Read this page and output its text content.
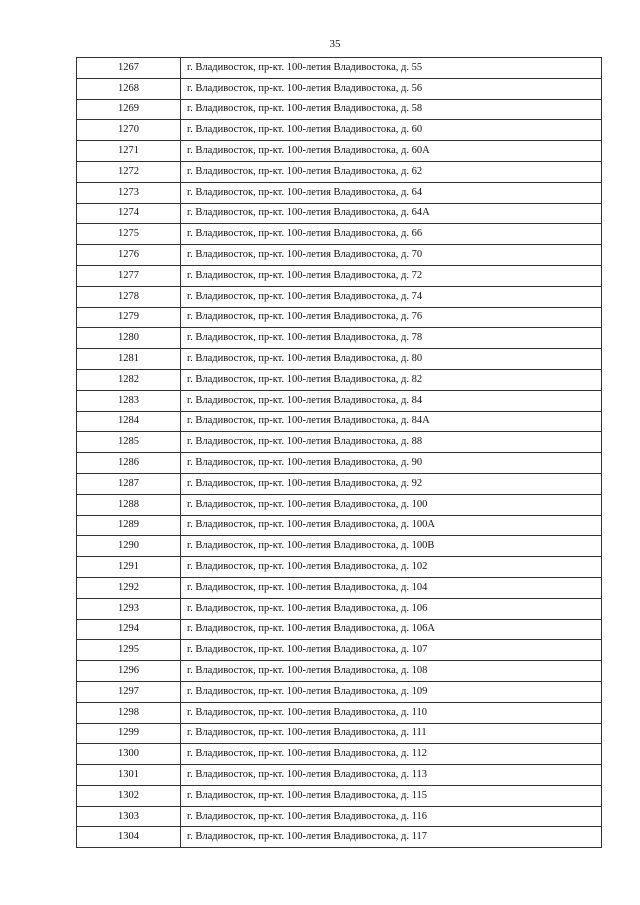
35
1267	г. Владивосток, пр-кт. 100-летия Владивостока, д. 55
1268	г. Владивосток, пр-кт. 100-летия Владивостока, д. 56
1269	г. Владивосток, пр-кт. 100-летия Владивостока, д. 58
1270	г. Владивосток, пр-кт. 100-летия Владивостока, д. 60
1271	г. Владивосток, пр-кт. 100-летия Владивостока, д. 60А
1272	г. Владивосток, пр-кт. 100-летия Владивостока, д. 62
1273	г. Владивосток, пр-кт. 100-летия Владивостока, д. 64
1274	г. Владивосток, пр-кт. 100-летия Владивостока, д. 64А
1275	г. Владивосток, пр-кт. 100-летия Владивостока, д. 66
1276	г. Владивосток, пр-кт. 100-летия Владивостока, д. 70
1277	г. Владивосток, пр-кт. 100-летия Владивостока, д. 72
1278	г. Владивосток, пр-кт. 100-летия Владивостока, д. 74
1279	г. Владивосток, пр-кт. 100-летия Владивостока, д. 76
1280	г. Владивосток, пр-кт. 100-летия Владивостока, д. 78
1281	г. Владивосток, пр-кт. 100-летия Владивостока, д. 80
1282	г. Владивосток, пр-кт. 100-летия Владивостока, д. 82
1283	г. Владивосток, пр-кт. 100-летия Владивостока, д. 84
1284	г. Владивосток, пр-кт. 100-летия Владивостока, д. 84А
1285	г. Владивосток, пр-кт. 100-летия Владивостока, д. 88
1286	г. Владивосток, пр-кт. 100-летия Владивостока, д. 90
1287	г. Владивосток, пр-кт. 100-летия Владивостока, д. 92
1288	г. Владивосток, пр-кт. 100-летия Владивостока, д. 100
1289	г. Владивосток, пр-кт. 100-летия Владивостока, д. 100А
1290	г. Владивосток, пр-кт. 100-летия Владивостока, д. 100В
1291	г. Владивосток, пр-кт. 100-летия Владивостока, д. 102
1292	г. Владивосток, пр-кт. 100-летия Владивостока, д. 104
1293	г. Владивосток, пр-кт. 100-летия Владивостока, д. 106
1294	г. Владивосток, пр-кт. 100-летия Владивостока, д. 106А
1295	г. Владивосток, пр-кт. 100-летия Владивостока, д. 107
1296	г. Владивосток, пр-кт. 100-летия Владивостока, д. 108
1297	г. Владивосток, пр-кт. 100-летия Владивостока, д. 109
1298	г. Владивосток, пр-кт. 100-летия Владивостока, д. 110
1299	г. Владивосток, пр-кт. 100-летия Владивостока, д. 111
1300	г. Владивосток, пр-кт. 100-летия Владивостока, д. 112
1301	г. Владивосток, пр-кт. 100-летия Владивостока, д. 113
1302	г. Владивосток, пр-кт. 100-летия Владивостока, д. 115
1303	г. Владивосток, пр-кт. 100-летия Владивостока, д. 116
1304	г. Владивосток, пр-кт. 100-летия Владивостока, д. 117
